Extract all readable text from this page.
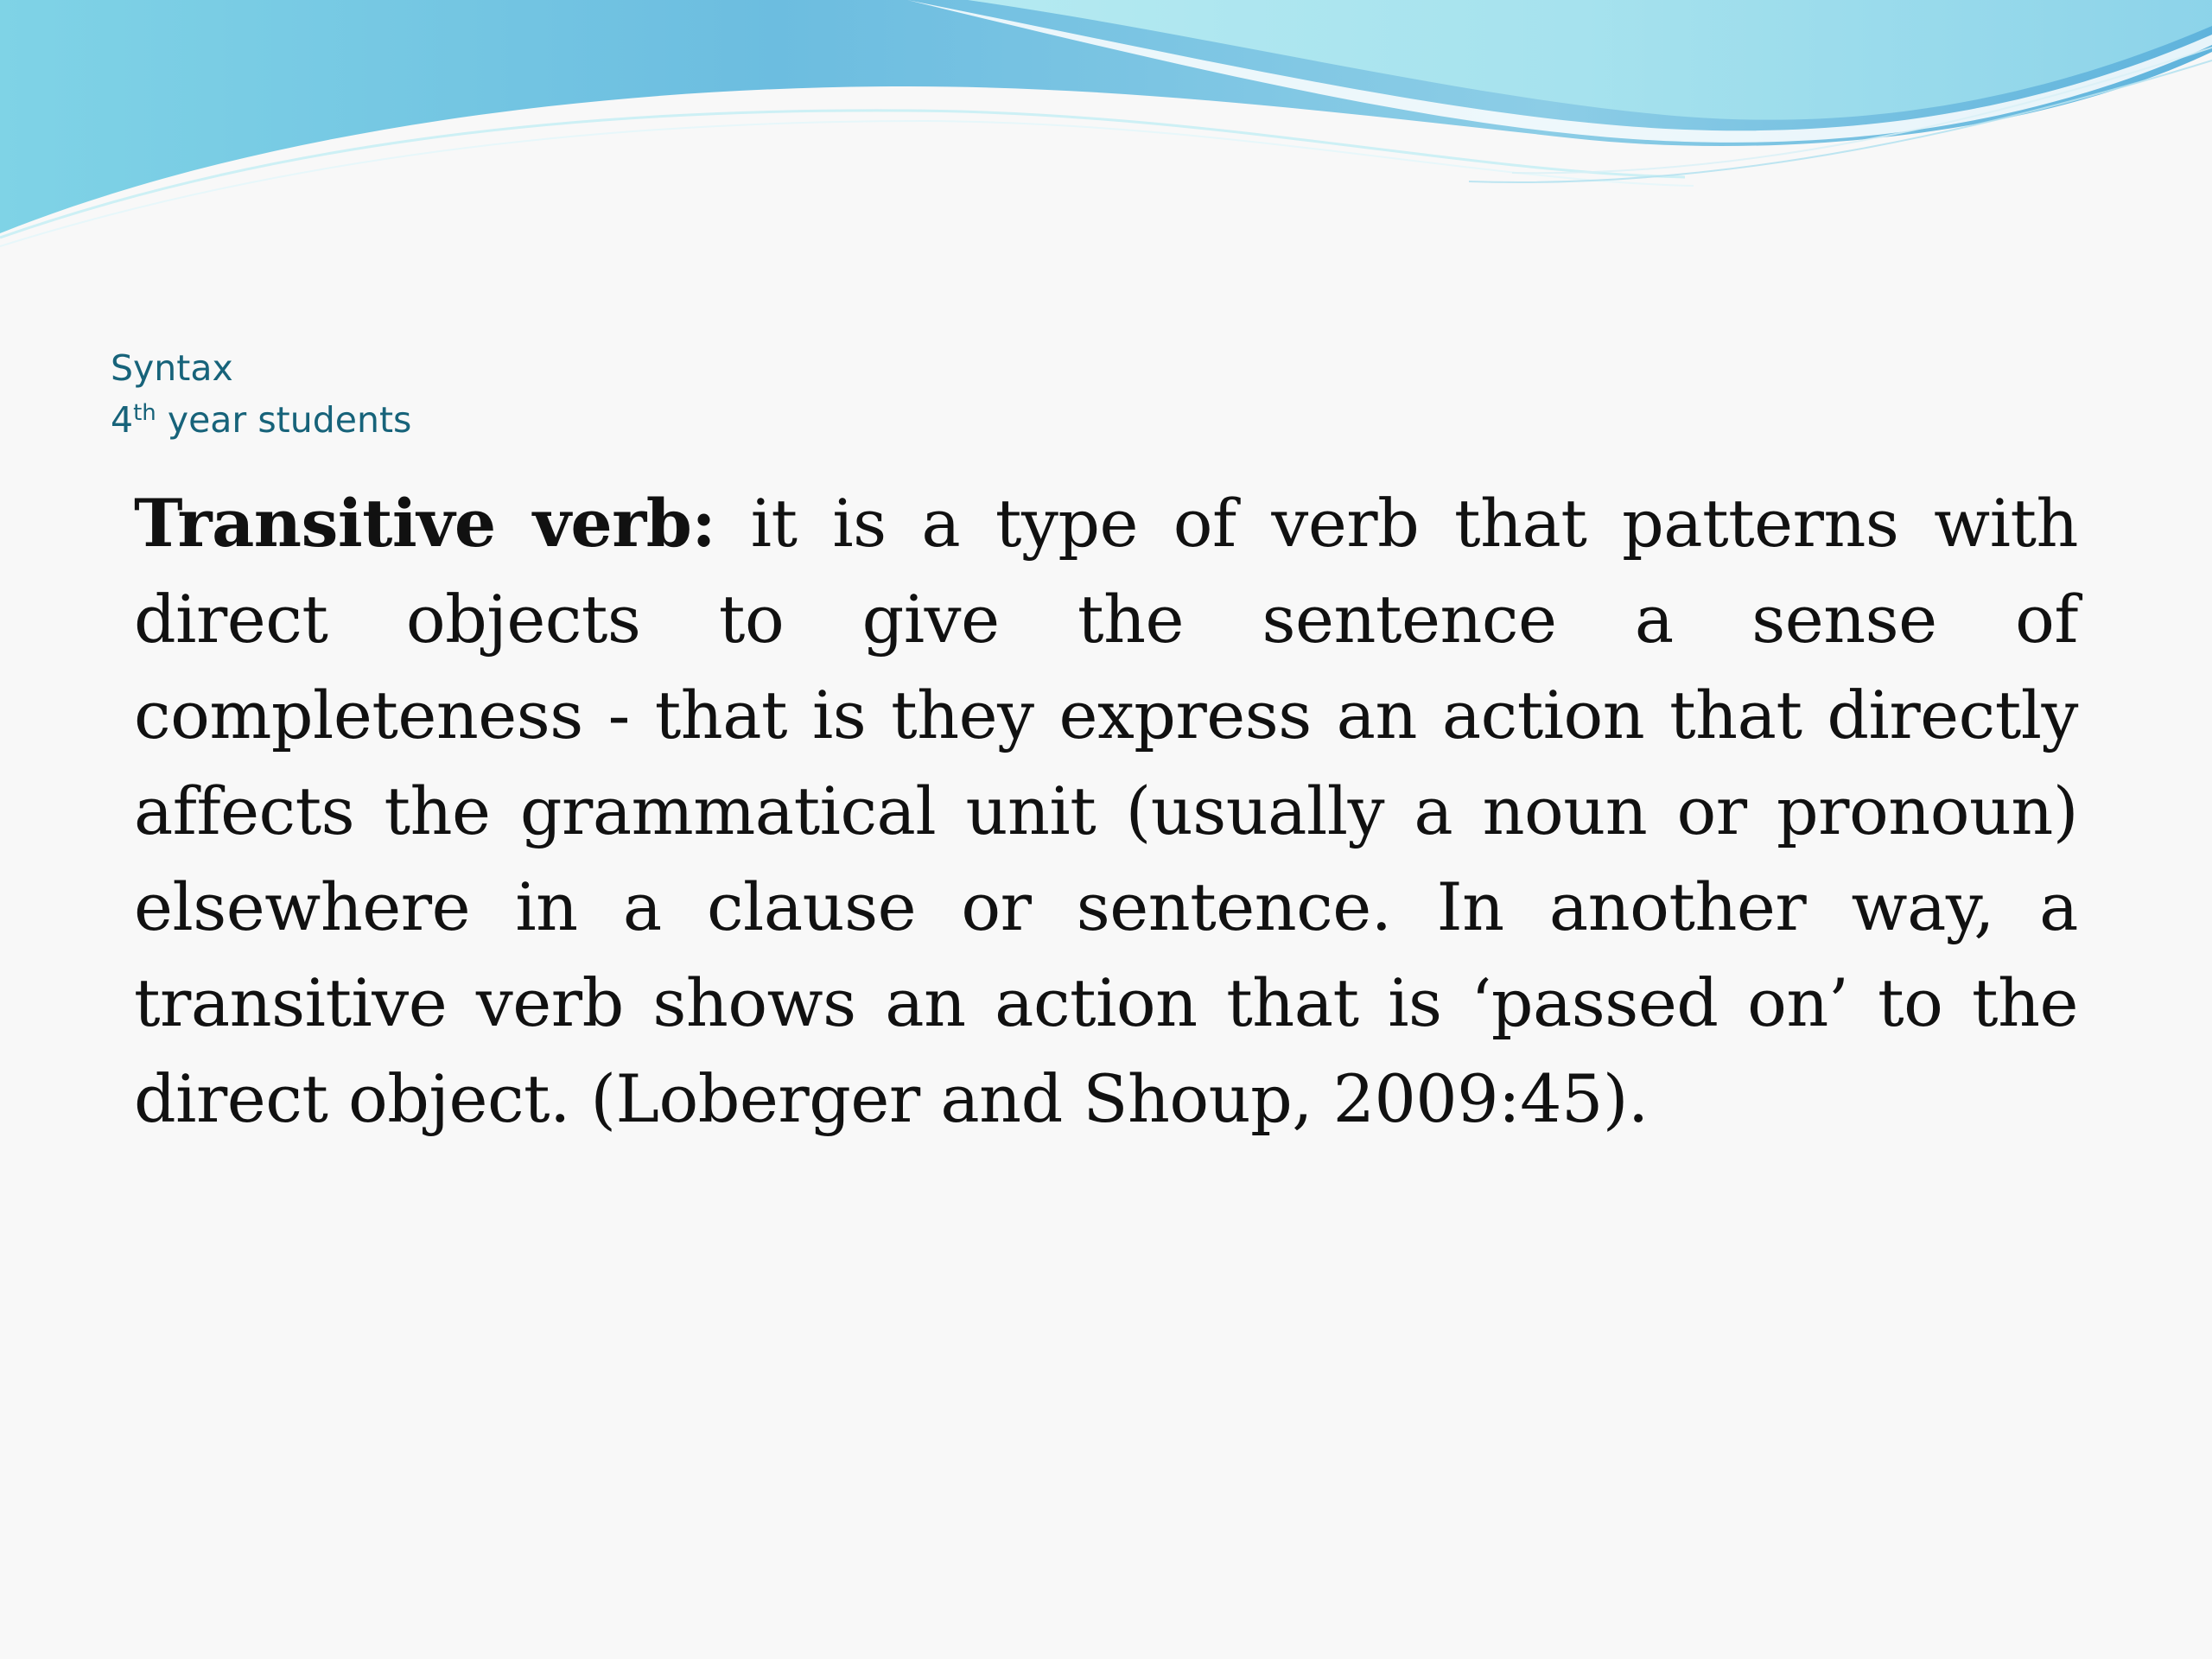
Syntax
4th year students
Transitive verb: it is a type of verb that patterns with direct objects to give the sentence a sense of completeness - that is they express an action that directly affects the grammatical unit (usually a noun or pronoun) elsewhere in a clause or sentence. In another way, a transitive verb shows an action that is ‘passed on’ to the direct object. (Loberger and Shoup, 2009:45).
